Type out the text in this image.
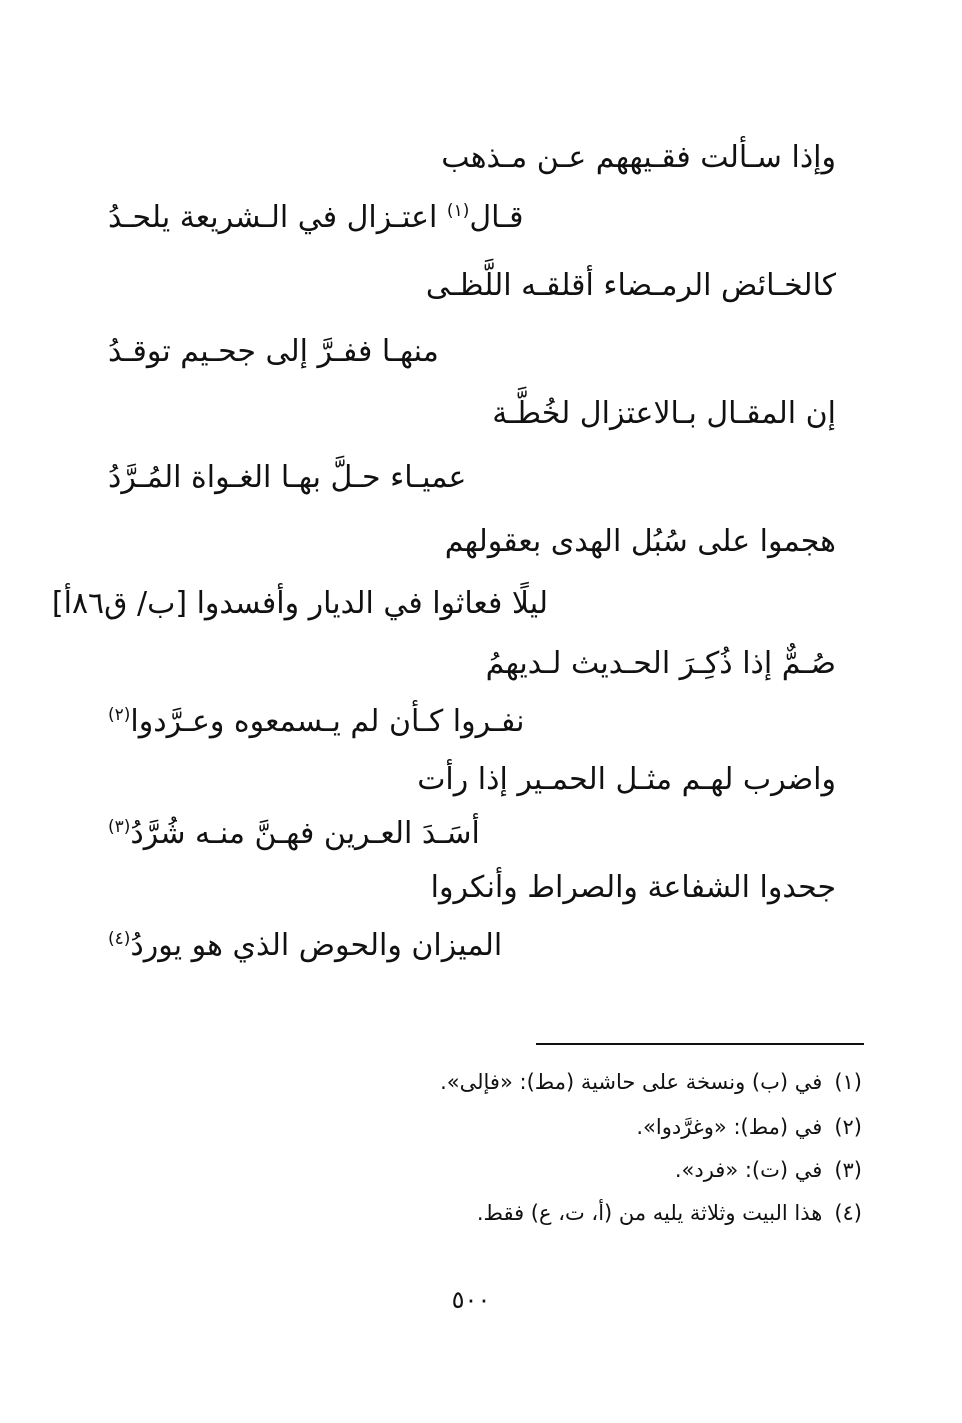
وإذا سـألت فقـيههم عـن مـذهب
قـال$^{(١)}$ اعتـزال في الـشريعة يلحـدُ
كالخـائض الرمـضاء أقلقـه اللَّظـى
منهـا ففـرَّ إلى جحـيم توقـدُ
إن المقـال بـالاعتزال لخُطَّـة
عميـاء حـلَّ بهـا الغـواة المُـرَّدُ
هجموا على سُبُل الهدى بعقولهم
ليلًا فعاثوا في الديار وأفسدوا [ب/ ق٨٦أ]
صُـمٌّ إذا ذُكِـرَ الحـديث لـديهمُ
نفـروا كـأن لم يـسمعوه وعـرَّدوا$^{(٢)}$
واضرب لهـم مثـل الحمـير إذا رأت
أسَـدَ العـرين فهـنَّ منـه شُرَّدُ$^{(٣)}$
جحدوا الشفاعة والصراط وأنكروا
الميزان والحوض الذي هو يوردُ$^{(٤)}$
(١)في (ب) ونسخة على حاشية (مط): «فإلى».
(٢)في (مط): «وغرَّدوا».
(٣)في (ت): «فرد».
(٤)هذا البيت وثلاثة يليه من (أ، ت، ع) فقط.
٥٠٠
